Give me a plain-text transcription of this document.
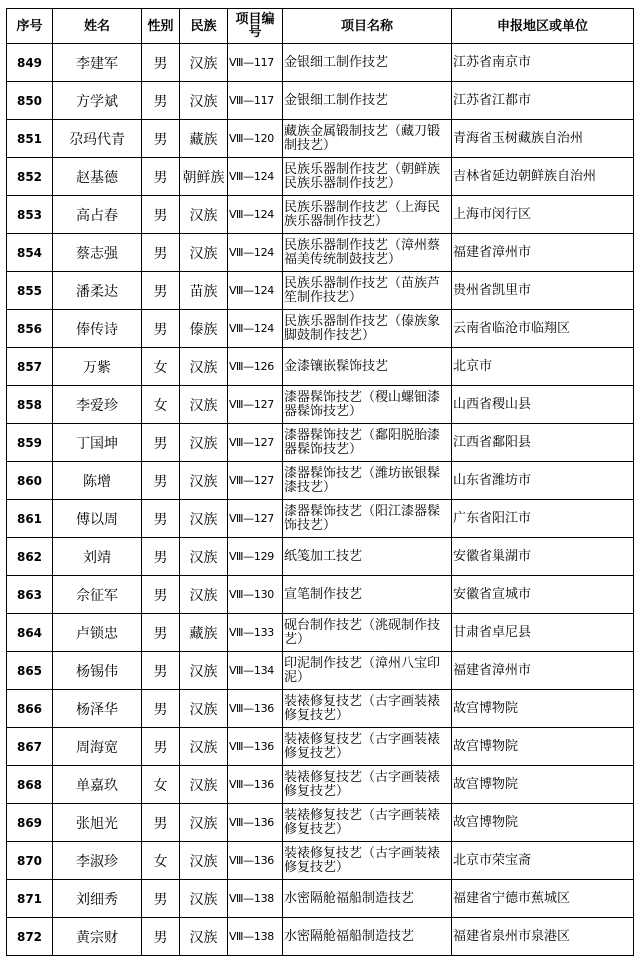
序号	姓名	性别	民族	项目编号	项目名称	申报地区或单位
849	李建军	男	汉族	Ⅷ—117	金银细工制作技艺	江苏省南京市
850	方学斌	男	汉族	Ⅷ—117	金银细工制作技艺	江苏省江都市
851	尕玛代青	男	藏族	Ⅷ—120	藏族金属锻制技艺（藏刀锻制技艺）	青海省玉树藏族自治州
852	赵基德	男	朝鲜族	Ⅷ—124	民族乐器制作技艺（朝鲜族民族乐器制作技艺）	吉林省延边朝鲜族自治州
853	高占春	男	汉族	Ⅷ—124	民族乐器制作技艺（上海民族乐器制作技艺）	上海市闵行区
854	蔡志强	男	汉族	Ⅷ—124	民族乐器制作技艺（漳州蔡福美传统制鼓技艺）	福建省漳州市
855	潘柔达	男	苗族	Ⅷ—124	民族乐器制作技艺（苗族芦笙制作技艺）	贵州省凯里市
856	俸传诗	男	傣族	Ⅷ—124	民族乐器制作技艺（傣族象脚鼓制作技艺）	云南省临沧市临翔区
857	万紫	女	汉族	Ⅷ—126	金漆镶嵌髹饰技艺	北京市
858	李爱珍	女	汉族	Ⅷ—127	漆器髹饰技艺（稷山螺钿漆器髹饰技艺）	山西省稷山县
859	丁国坤	男	汉族	Ⅷ—127	漆器髹饰技艺（鄱阳脱胎漆器髹饰技艺）	江西省鄱阳县
860	陈增	男	汉族	Ⅷ—127	漆器髹饰技艺（潍坊嵌银髹漆技艺）	山东省潍坊市
861	傅以周	男	汉族	Ⅷ—127	漆器髹饰技艺（阳江漆器髹饰技艺）	广东省阳江市
862	刘靖	男	汉族	Ⅷ—129	纸笺加工技艺	安徽省巢湖市
863	佘征军	男	汉族	Ⅷ—130	宣笔制作技艺	安徽省宣城市
864	卢锁忠	男	藏族	Ⅷ—133	砚台制作技艺（洮砚制作技艺）	甘肃省卓尼县
865	杨锡伟	男	汉族	Ⅷ—134	印泥制作技艺（漳州八宝印泥）	福建省漳州市
866	杨泽华	男	汉族	Ⅷ—136	装裱修复技艺（古字画装裱修复技艺）	故宫博物院
867	周海宽	男	汉族	Ⅷ—136	装裱修复技艺（古字画装裱修复技艺）	故宫博物院
868	单嘉玖	女	汉族	Ⅷ—136	装裱修复技艺（古字画装裱修复技艺）	故宫博物院
869	张旭光	男	汉族	Ⅷ—136	装裱修复技艺（古字画装裱修复技艺）	故宫博物院
870	李淑珍	女	汉族	Ⅷ—136	装裱修复技艺（古字画装裱修复技艺）	北京市荣宝斋
871	刘细秀	男	汉族	Ⅷ—138	水密隔舱福船制造技艺	福建省宁德市蕉城区
872	黄宗财	男	汉族	Ⅷ—138	水密隔舱福船制造技艺	福建省泉州市泉港区
